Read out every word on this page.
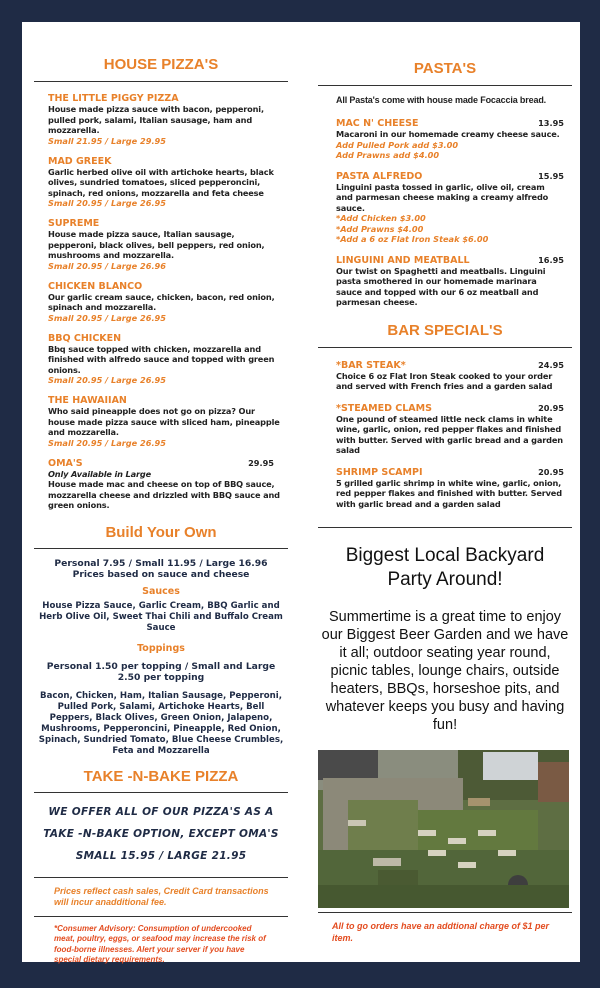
HOUSE PIZZA'S

THE LITTLE PIGGY PIZZA

House made pizza sauce with bacon, pepperoni, pulled pork, salami, Italian sausage, ham and mozzarella.

Small 21.95 / Large 29.95

MAD GREEK

Garlic herbed olive oil with artichoke hearts, black olives, sundried tomatoes, sliced pepperoncini, spinach, red onions, mozzarella and feta cheese

Small 20.95 / Large 26.95

SUPREME

House made pizza sauce, Italian sausage, pepperoni, black olives, bell peppers, red onion, mushrooms and mozzarella.

Small 20.95 / Large 26.96

CHICKEN BLANCO

Our garlic cream sauce, chicken, bacon, red onion, spinach and mozzarella.

Small 20.95 / Large 26.95

BBQ CHICKEN

Bbq sauce topped with chicken, mozzarella and finished with alfredo sauce and topped with green onions.

Small 20.95 / Large 26.95

THE HAWAIIAN

Who said pineapple does not go on pizza? Our house made pizza sauce with sliced ham, pineapple and mozzarella.

Small 20.95 / Large 26.95

OMA'S	29.95

Only Available in Large

House made mac and cheese on top of BBQ sauce, mozzarella cheese and drizzled with BBQ sauce and green onions.

Build Your Own

Personal 7.95 / Small 11.95 / Large 16.96

Prices based on sauce and cheese

Sauces

House Pizza Sauce, Garlic Cream, BBQ Garlic and Herb Olive Oil, Sweet Thai Chili and Buffalo Cream Sauce

Toppings

Personal 1.50 per topping / Small and Large

2.50 per topping

Bacon, Chicken, Ham, Italian Sausage, Pepperoni, Pulled Pork, Salami, Artichoke Hearts, Bell Peppers, Black Olives, Green Onion, Jalapeno, Mushrooms, Pepperoncini, Pineapple, Red Onion, Spinach, Sundried Tomato, Blue Cheese Crumbles, Feta and Mozzarella

TAKE -N-BAKE PIZZA

WE OFFER ALL OF OUR PIZZA'S AS A

TAKE -N-BAKE OPTION, EXCEPT OMA'S

SMALL 15.95 / LARGE 21.95

Prices reflect cash sales, Credit Card transactions will incur anadditional fee.

*Consumer Advisory: Consumption of undercooked meat, poultry, eggs, or seafood may increase the risk of food-borne illnesses. Alert your server if you have special dietary requirements.

PASTA'S

All Pasta's come with house made Focaccia bread.

MAC N' CHEESE	13.95

Macaroni in our homemade creamy cheese sauce.

Add Pulled Pork add $3.00

Add Prawns add $4.00

PASTA ALFREDO	15.95

Linguini pasta tossed in garlic, olive oil, cream and parmesan cheese making a creamy alfredo sauce.

*Add Chicken $3.00

*Add Prawns $4.00

*Add a 6 oz Flat Iron Steak $6.00

LINGUINI AND MEATBALL	16.95

Our twist on Spaghetti and meatballs. Linguini pasta smothered in our homemade marinara sauce and topped with our 6 oz meatball and parmesan cheese.

BAR SPECIAL'S

*BAR STEAK*	24.95

Choice 6 oz Flat Iron Steak cooked to your order and served with French fries and a garden salad

*STEAMED CLAMS	20.95

One pound of steamed little neck clams in white wine, garlic, onion, red pepper flakes and finished with butter. Served with garlic bread and a garden salad

SHRIMP SCAMPI	20.95

5 grilled garlic shrimp in white wine, garlic, onion, red pepper flakes and finished with butter. Served with garlic bread and a garden salad

Biggest Local Backyard

Party Around!

Summertime is a great time to enjoy our Biggest Beer Garden and we have it all; outdoor seating year round, picnic tables, lounge chairs, outside heaters, BBQs, horseshoe pits, and whatever keeps you busy and having fun!

All to go orders have an addtional charge of $1 per item.
